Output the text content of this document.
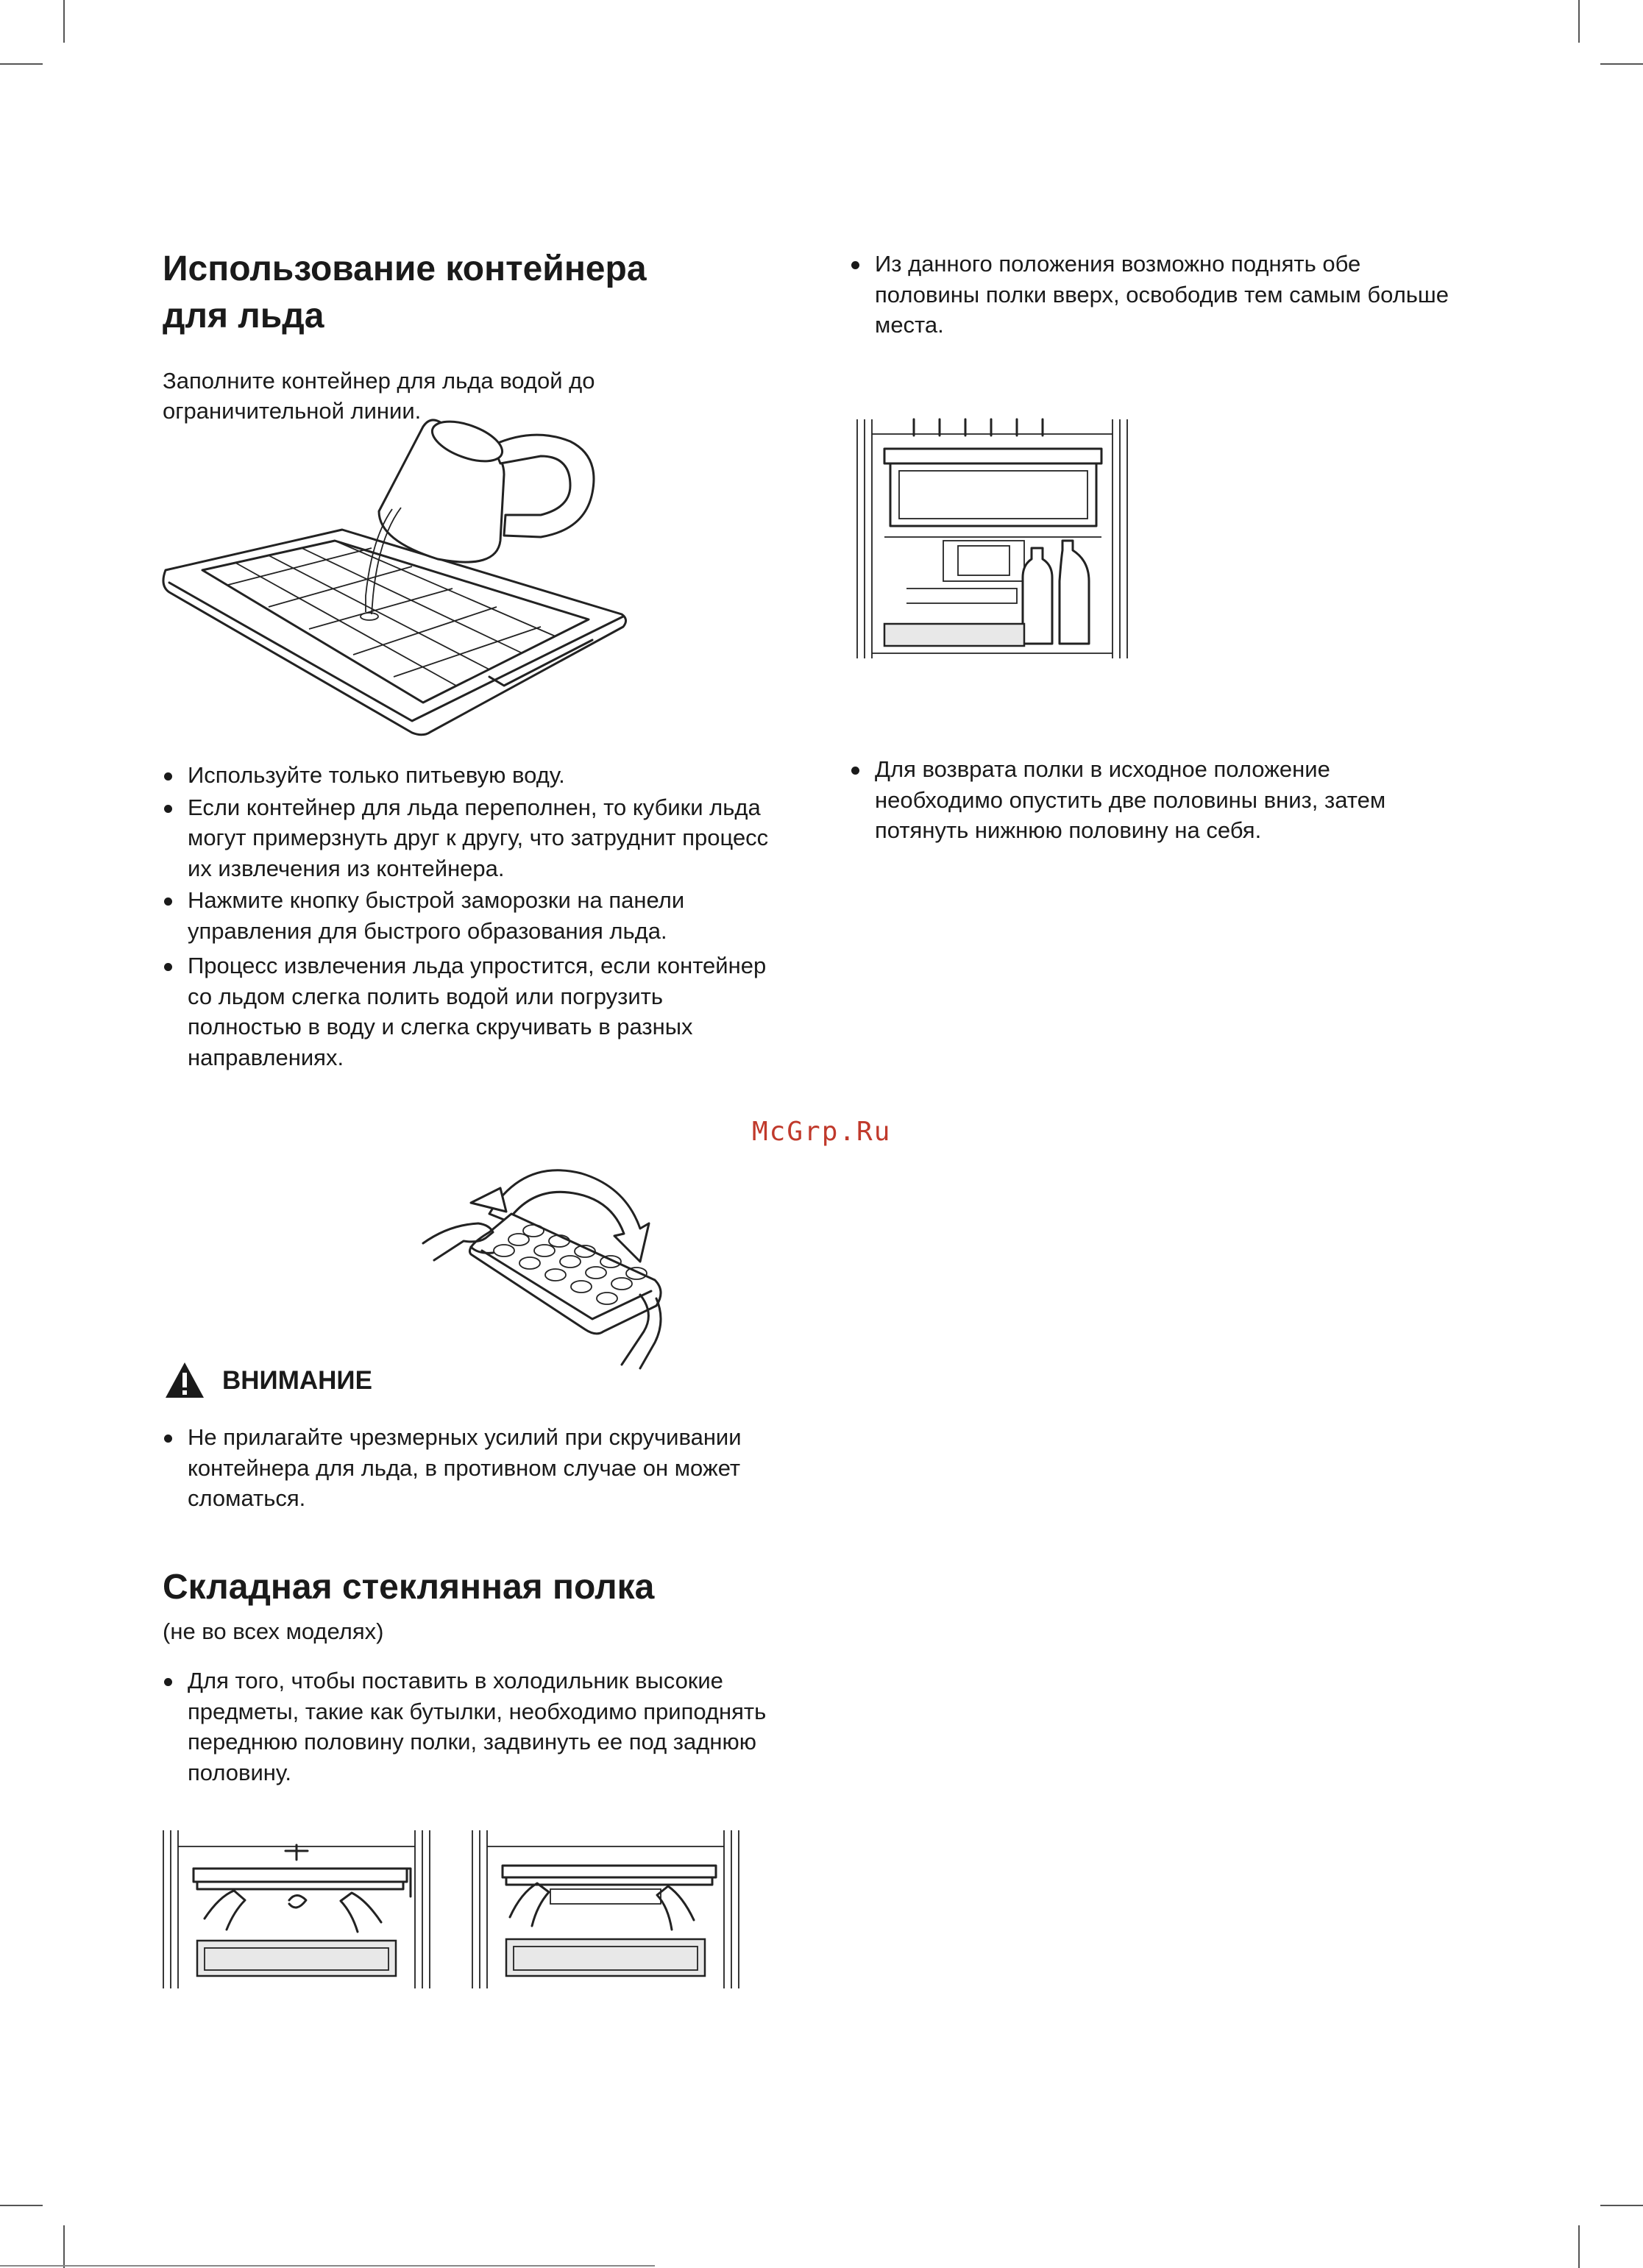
Использование контейнера
для льда

Заполните контейнер для льда водой до

ограничительной линии.

Используйте только питьевую воду.
Если контейнер для льда переполнен, то кубики льда могут примерзнуть друг к другу, что затруднит процесс их извлечения из контейнера.
Нажмите кнопку быстрой заморозки на панели управления для быстрого образования льда.
Процесс извлечения льда упростится, если контейнер со льдом слегка полить водой или погрузить полностью в воду и слегка скручивать в разных направлениях.
ВНИМАНИЕ
Не прилагайте чрезмерных усилий при скручивании контейнера для льда, в противном случае он может сломаться.
Складная стеклянная полка

(не во всех моделях)

Для того, чтобы поставить в холодильник высокие предметы, такие как бутылки, необходимо приподнять переднюю половину полки, задвинуть ее под заднюю половину.
Из данного положения возможно поднять обе половины полки вверх, освободив тем самым больше места.
Для возврата полки в исходное положение необходимо опустить две половины вниз, затем потянуть нижнюю половину на себя.
McGrp.Ru
